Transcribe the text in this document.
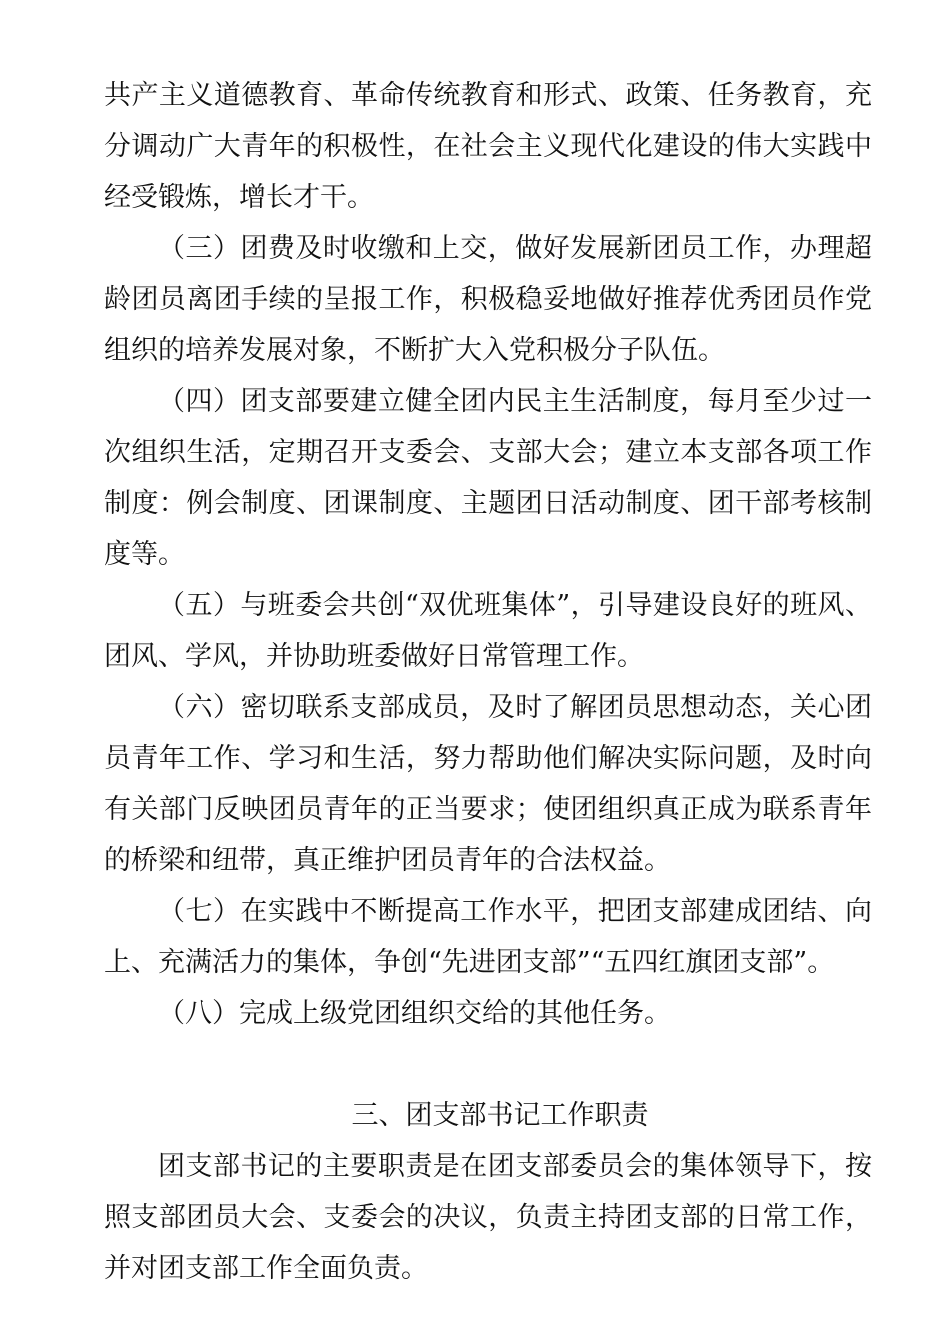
共产主义道德教育、革命传统教育和形式、政策、任务教育，充分调动广大青年的积极性，在社会主义现代化建设的伟大实践中经受锻炼，增长才干。

（三）团费及时收缴和上交，做好发展新团员工作，办理超龄团员离团手续的呈报工作，积极稳妥地做好推荐优秀团员作党组织的培养发展对象，不断扩大入党积极分子队伍。

（四）团支部要建立健全团内民主生活制度，每月至少过一次组织生活，定期召开支委会、支部大会；建立本支部各项工作制度：例会制度、团课制度、主题团日活动制度、团干部考核制度等。

（五）与班委会共创“双优班集体”，引导建设良好的班风、团风、学风，并协助班委做好日常管理工作。

（六）密切联系支部成员，及时了解团员思想动态，关心团员青年工作、学习和生活，努力帮助他们解决实际问题，及时向有关部门反映团员青年的正当要求；使团组织真正成为联系青年的桥梁和纽带，真正维护团员青年的合法权益。

（七）在实践中不断提高工作水平，把团支部建成团结、向上、充满活力的集体，争创“先进团支部”“五四红旗团支部”。

（八）完成上级党团组织交给的其他任务。

三、团支部书记工作职责

团支部书记的主要职责是在团支部委员会的集体领导下，按照支部团员大会、支委会的决议，负责主持团支部的日常工作，并对团支部工作全面负责。
